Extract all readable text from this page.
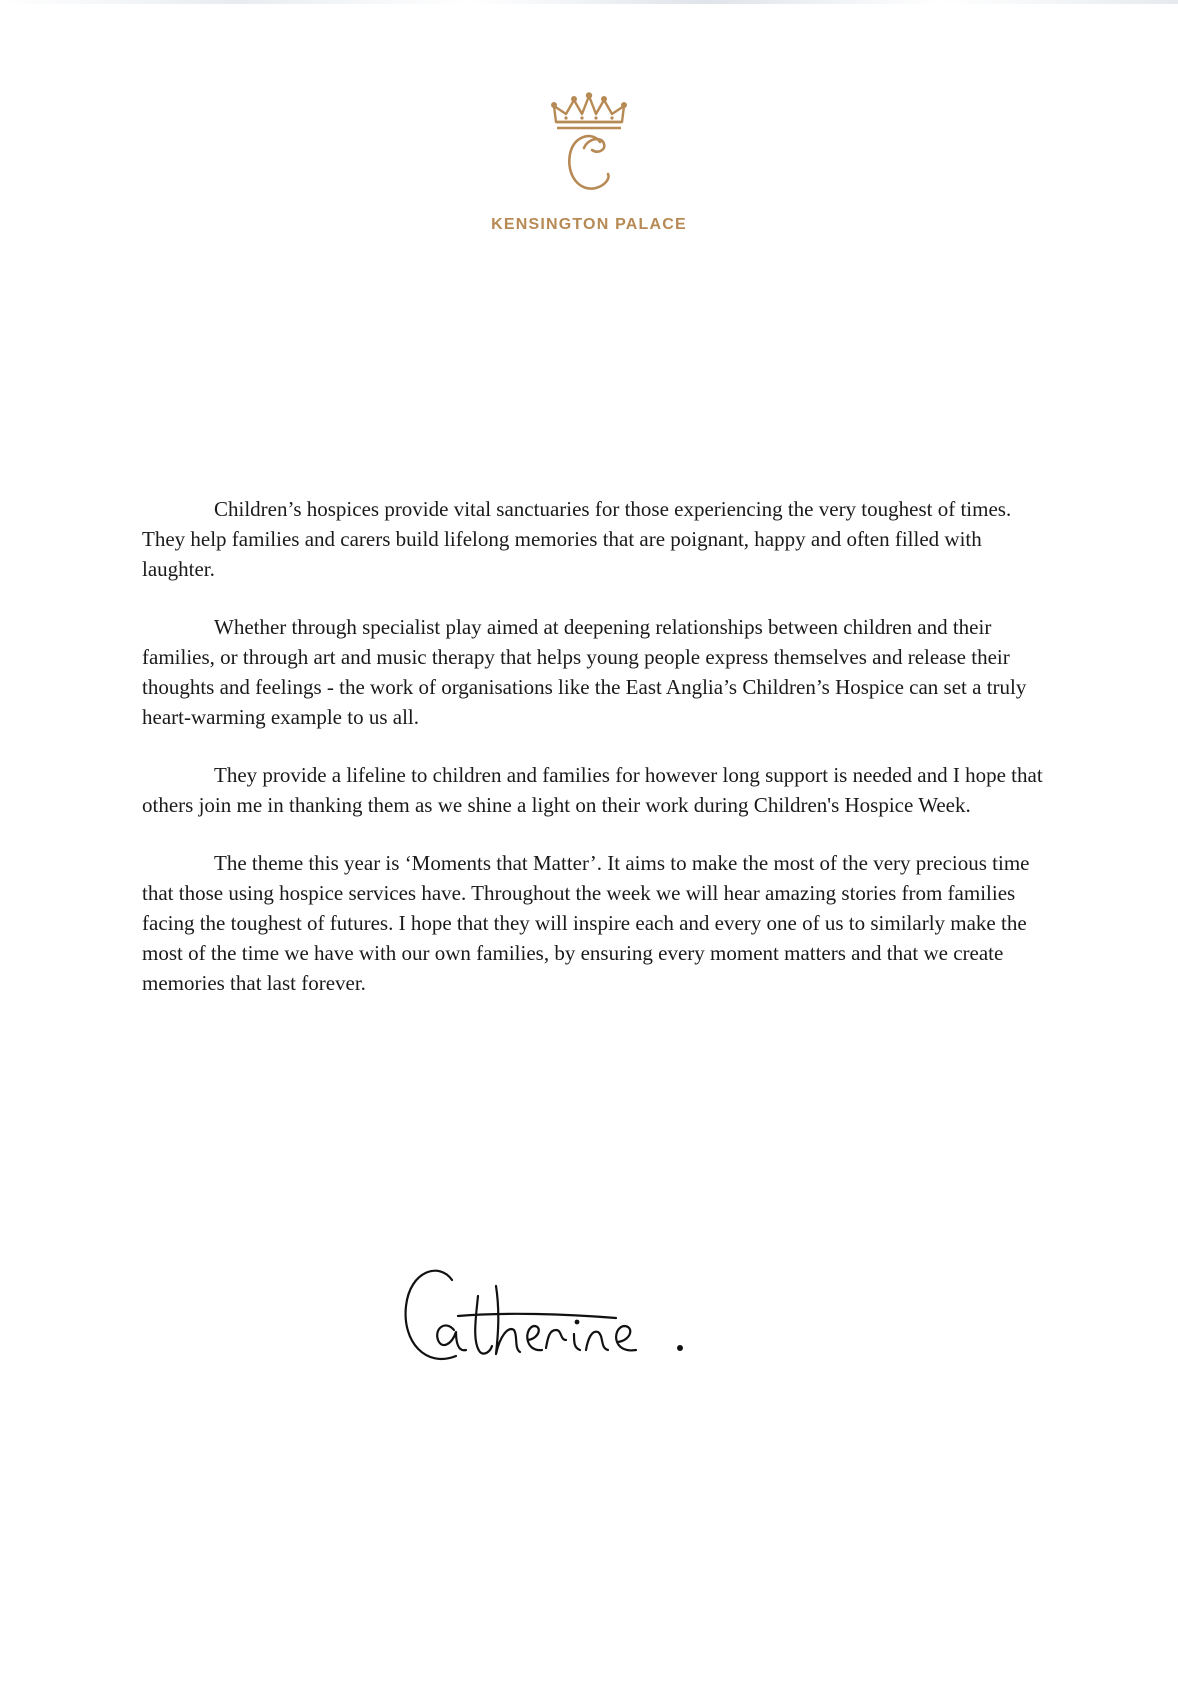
KENSINGTON PALACE

Children’s hospices provide vital sanctuaries for those experiencing the very toughest of times. They help families and carers build lifelong memories that are poignant, happy and often filled with laughter.

Whether through specialist play aimed at deepening relationships between children and their families, or through art and music therapy that helps young people express themselves and release their thoughts and feelings - the work of organisations like the East Anglia’s Children’s Hospice can set a truly heart-warming example to us all.

They provide a lifeline to children and families for however long support is needed and I hope that others join me in thanking them as we shine a light on their work during Children's Hospice Week.

The theme this year is ‘Moments that Matter’. It aims to make the most of the very precious time that those using hospice services have. Throughout the week we will hear amazing stories from families facing the toughest of futures. I hope that they will inspire each and every one of us to similarly make the most of the time we have with our own families, by ensuring every moment matters and that we create memories that last forever.
